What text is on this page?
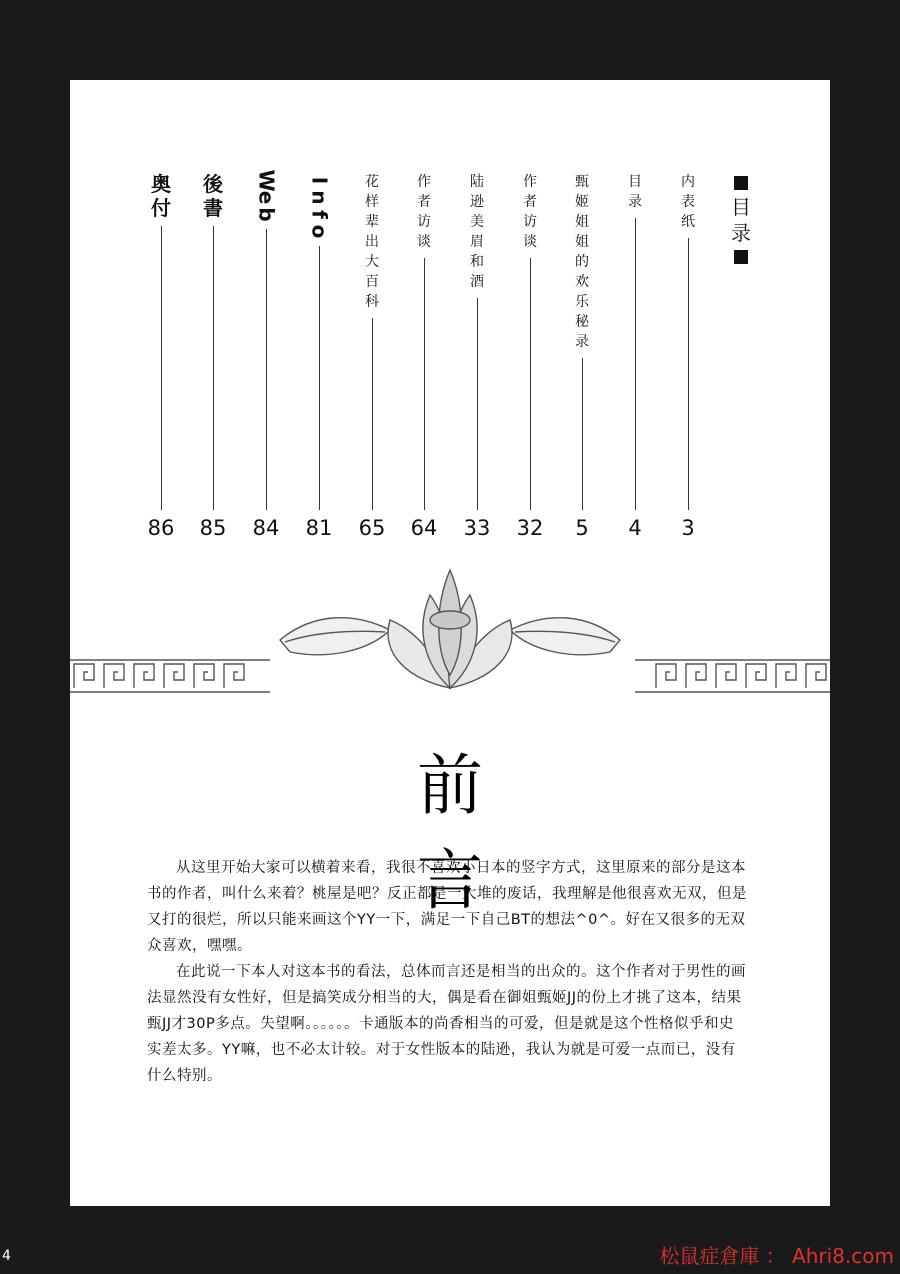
目
录
内
表
纸
3
目
录
4
甄
姬
姐
姐
的
欢
乐
秘
录
5
作
者
访
谈
32
陆
逊
美
眉
和
酒
33
作
者
访
谈
64
花
样
辈
出
大
百
科
65
I
n
f
o
81
W
e
b
84
後
書
85
奥
付
86
前言

从这里开始大家可以横着来看，我很不喜欢小日本的竖字方式，这里原来的部分是这本书的作者，叫什么来着？桃屋是吧？反正都是一大堆的废话，我理解是他很喜欢无双，但是又打的很烂，所以只能来画这个YY一下，满足一下自己BT的想法^0^。好在又很多的无双众喜欢，嘿嘿。

在此说一下本人对这本书的看法，总体而言还是相当的出众的。这个作者对于男性的画法显然没有女性好，但是搞笑成分相当的大，偶是看在御姐甄姬JJ的份上才挑了这本，结果甄JJ才30P多点。失望啊。。。。。。卡通版本的尚香相当的可爱，但是就是这个性格似乎和史实差太多。YY嘛，也不必太计较。对于女性版本的陆逊，我认为就是可爱一点而已，没有什么特别。

4	松鼠症倉庫 ： Ahri8.com
